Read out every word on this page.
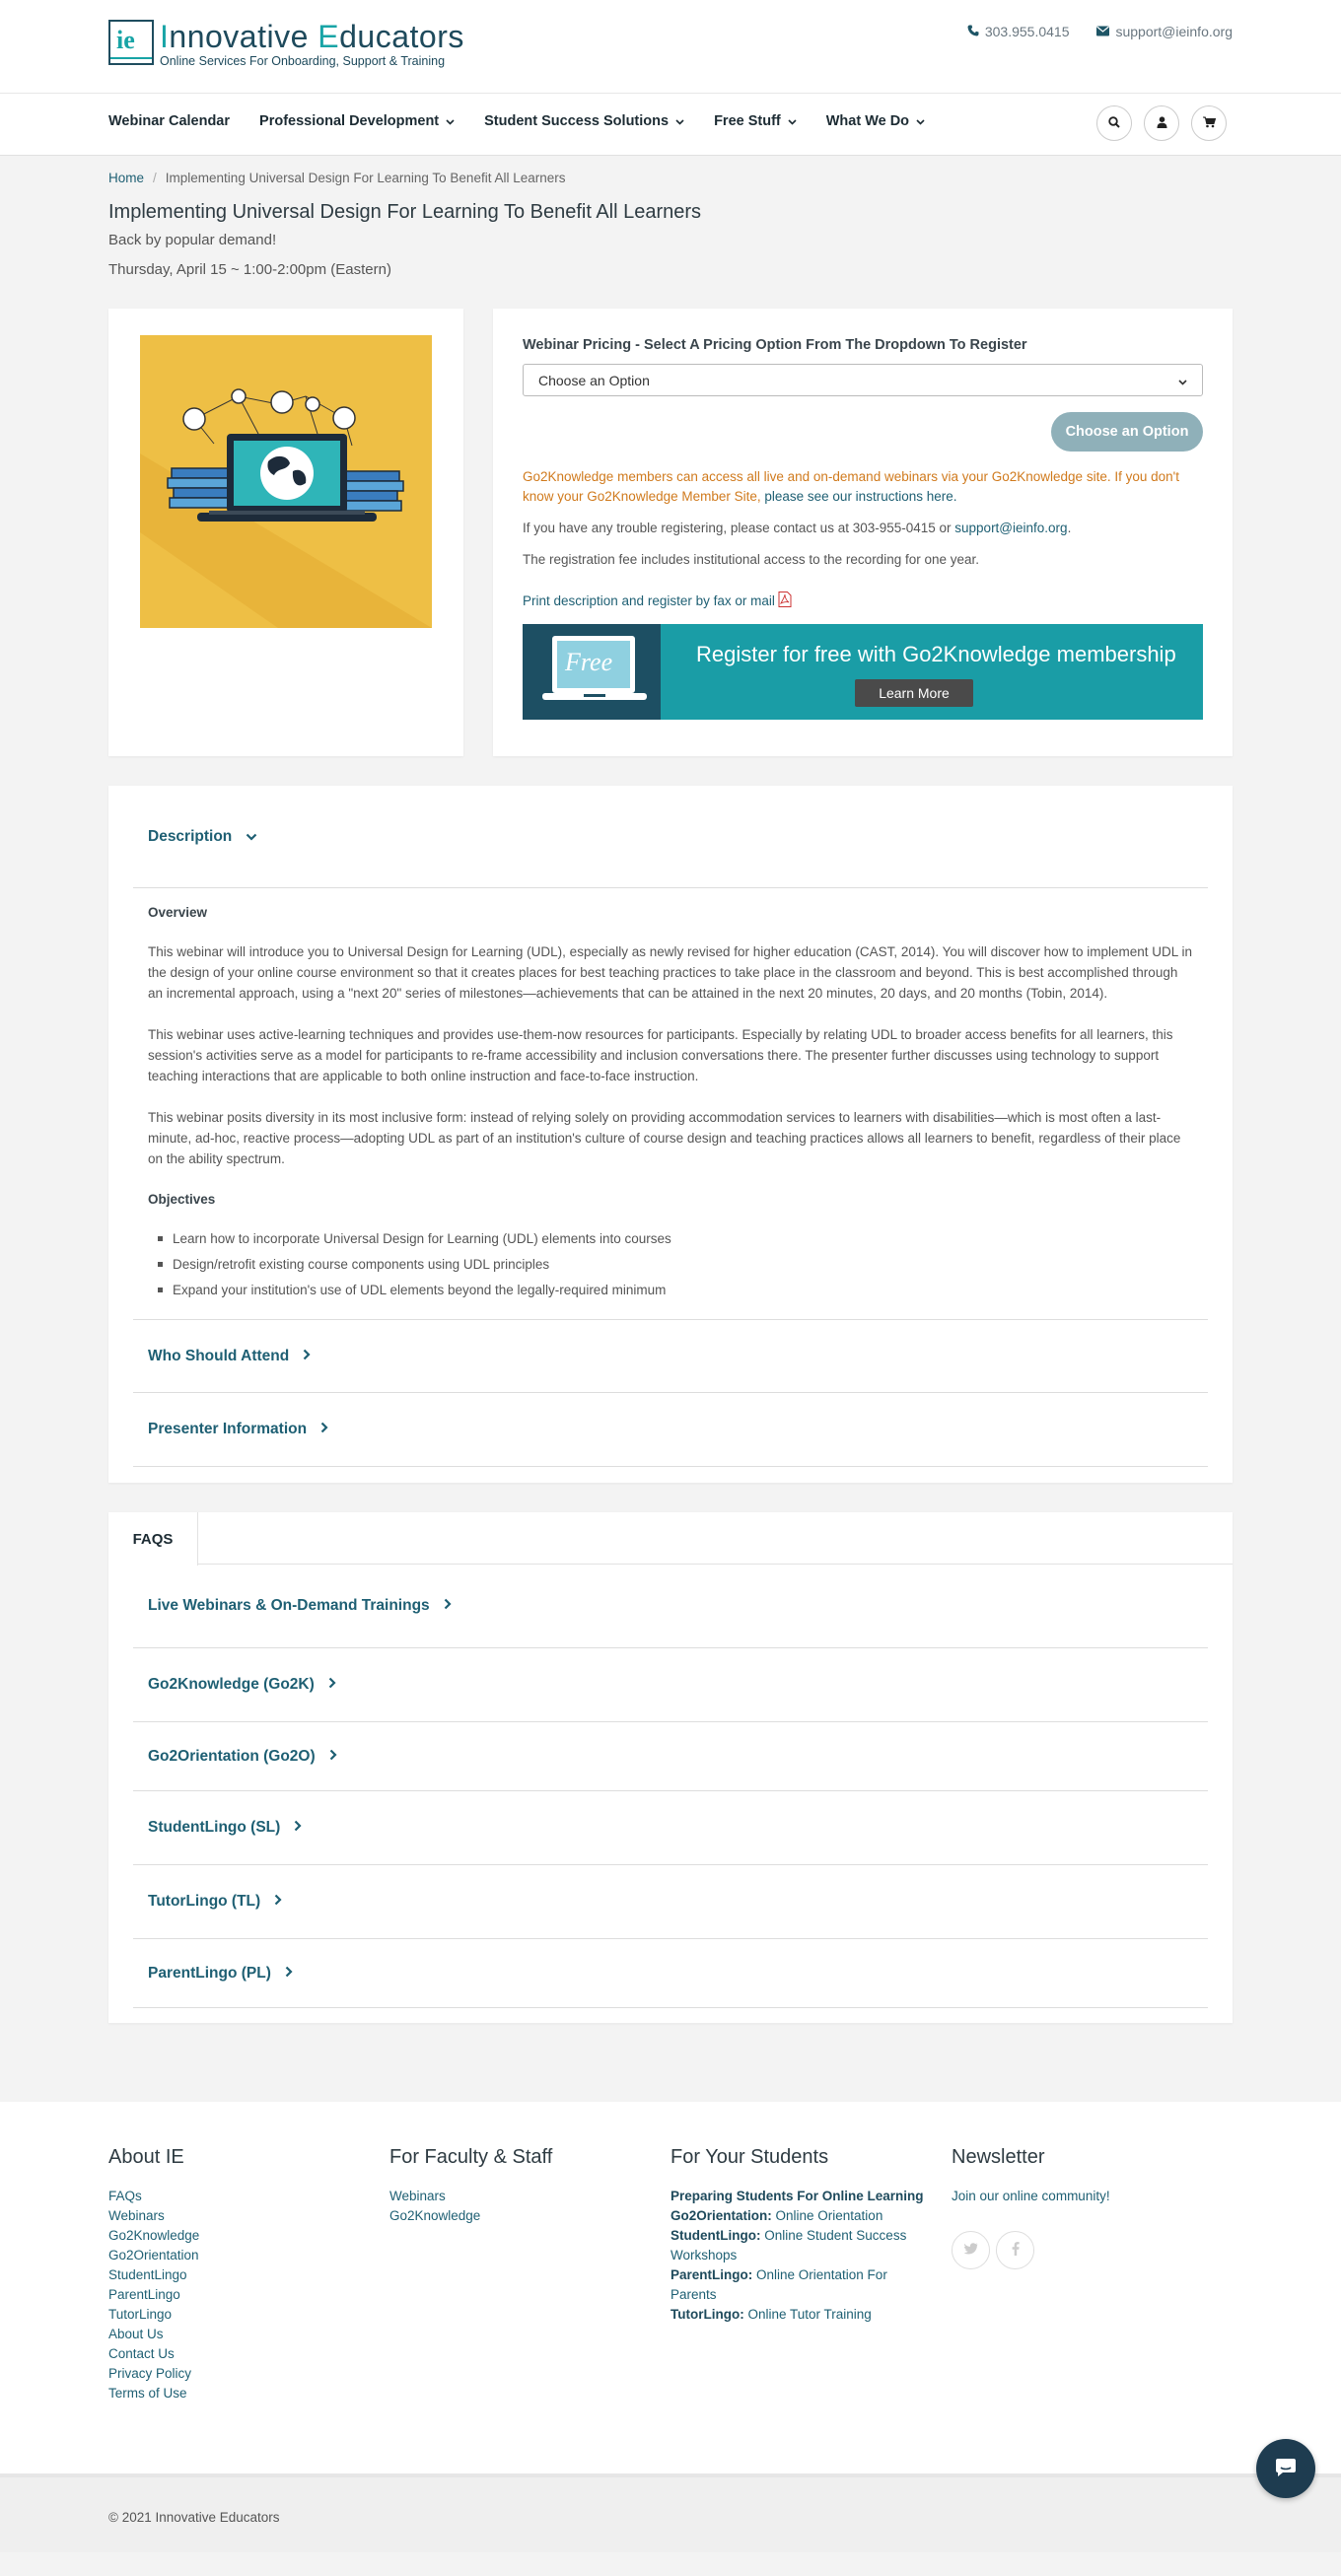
ie Innovative Educators
Online Services For Onboarding, Support & Training
303.955.0415	support@ieinfo.org
Webinar Calendar Professional Development	Student Success Solutions	Free Stuff	What We Do
Home / Implementing Universal Design For Learning To Benefit All Learners
Implementing Universal Design For Learning To Benefit All Learners
Back by popular demand!
Thursday, April 15 ~ 1:00-2:00pm (Eastern)
Webinar Pricing - Select A Pricing Option From The Dropdown To Register
Choose an Option
Choose an Option
Go2Knowledge members can access all live and on-demand webinars via your Go2Knowledge site. If you don't know your Go2Knowledge Member Site, please see our instructions here.
If you have any trouble registering, please contact us at 303-955-0415 or support@ieinfo.org.
The registration fee includes institutional access to the recording for one year.
Print description and register by fax or mail
Free	Register for free with Go2Knowledge membership
Learn More
Description
Overview

This webinar will introduce you to Universal Design for Learning (UDL), especially as newly revised for higher education (CAST, 2014). You will discover how to implement UDL in the design of your online course environment so that it creates places for best teaching practices to take place in the classroom and beyond. This is best accomplished through an incremental approach, using a "next 20" series of milestones—achievements that can be attained in the next 20 minutes, 20 days, and 20 months (Tobin, 2014).

This webinar uses active-learning techniques and provides use-them-now resources for participants. Especially by relating UDL to broader access benefits for all learners, this session's activities serve as a model for participants to re-frame accessibility and inclusion conversations there. The presenter further discusses using technology to support teaching interactions that are applicable to both online instruction and face-to-face instruction.

This webinar posits diversity in its most inclusive form: instead of relying solely on providing accommodation services to learners with disabilities—which is most often a last-minute, ad-hoc, reactive process—adopting UDL as part of an institution's culture of course design and teaching practices allows all learners to benefit, regardless of their place on the ability spectrum.

Objectives
Learn how to incorporate Universal Design for Learning (UDL) elements into courses
Design/retrofit existing course components using UDL principles
Expand your institution's use of UDL elements beyond the legally-required minimum
Who Should Attend
Presenter Information
FAQS
Live Webinars & On-Demand Trainings
Go2Knowledge (Go2K)
Go2Orientation (Go2O)
StudentLingo (SL)
TutorLingo (TL)
ParentLingo (PL)
About IE
FAQs
Webinars
Go2Knowledge
Go2Orientation
StudentLingo
ParentLingo
TutorLingo
About Us
Contact Us
Privacy Policy
Terms of Use
For Faculty & Staff
Webinars
Go2Knowledge
For Your Students
Preparing Students For Online Learning
Go2Orientation: Online Orientation
StudentLingo: Online Student Success Workshops
ParentLingo: Online Orientation For Parents
TutorLingo: Online Tutor Training
Newsletter
Join our online community!
© 2021 Innovative Educators
